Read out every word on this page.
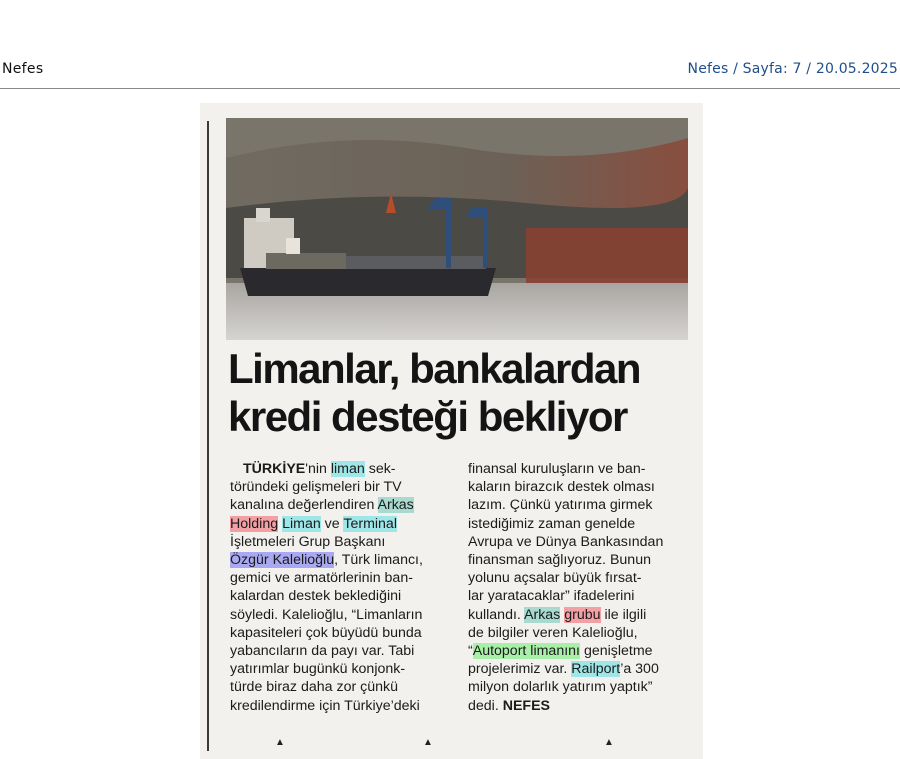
Nefes	Nefes / Sayfa: 7 / 20.05.2025
Limanlar, bankalardan
kredi desteği bekliyor
TÜRKİYE'nin liman sek-
töründeki gelişmeleri bir TV
kanalına değerlendiren Arkas
Holding Liman ve Terminal
İşletmeleri Grup Başkanı
Özgür Kalelioğlu, Türk limancı,
gemici ve armatörlerinin ban-
kalardan destek beklediğini
söyledi. Kalelioğlu, “Limanların
kapasiteleri çok büyüdü bunda
yabancıların da payı var. Tabi
yatırımlar bugünkü konjonk-
türde biraz daha zor çünkü
kredilendirme için Türkiye’deki
finansal kuruluşların ve ban-
kaların birazcık destek olması
lazım. Çünkü yatırıma girmek
istediğimiz zaman genelde
Avrupa ve Dünya Bankasından
finansman sağlıyoruz. Bunun
yolunu açsalar büyük fırsat-
lar yaratacaklar” ifadelerini
kullandı. Arkas grubu ile ilgili
de bilgiler veren Kalelioğlu,
“Autoport limanını genişletme
projelerimiz var. Railport’a 300
milyon dolarlık yatırım yaptık”
dedi. NEFES
▲	▲	▲
